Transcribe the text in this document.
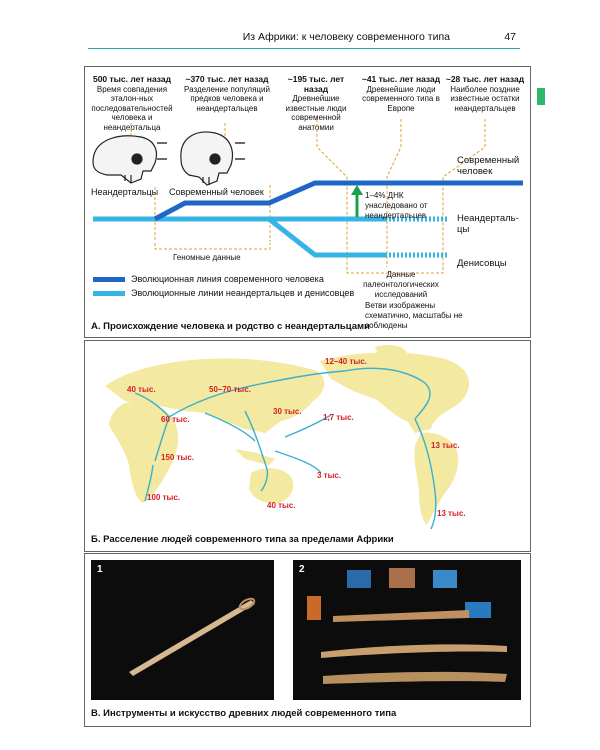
Из Африки: к человеку современного типа	47
500 тыс. лет назад
Время совпадения эталон-ных последовательностей человека и неандертальца
~370 тыс. лет назад
Разделение популяций предков человека и неандертальцев
~195 тыс. лет назад
Древнейшие известные люди современной анатомии
~41 тыс. лет назад
Древнейшие люди современного типа в Европе
~28 тыс. лет назад
Наиболее поздние известные остатки неандертальцев
Неандертальцы Современный человек
Современный человек
Неандерталь-цы
Денисовцы
1–4% ДНК унаследовано от неандертальцев
Геномные данные
Данные палеонтологических исследований
Эволюционная линия современного человека
Эволюционные линии неандертальцев и денисовцев
Ветви изображены схематично, масштабы не соблюдены
А. Происхождение человека и родство с неандертальцами
12–40 тыс.
40 тыс.	50–70 тыс.
60 тыс.
30 тыс.
1,7 тыс.
13 тыс.
150 тыс.
3 тыс.
100 тыс.
40 тыс.
13 тыс.
Б. Расселение людей современного типа за пределами Африки
1	2
В. Инструменты и искусство древних людей современного типа
